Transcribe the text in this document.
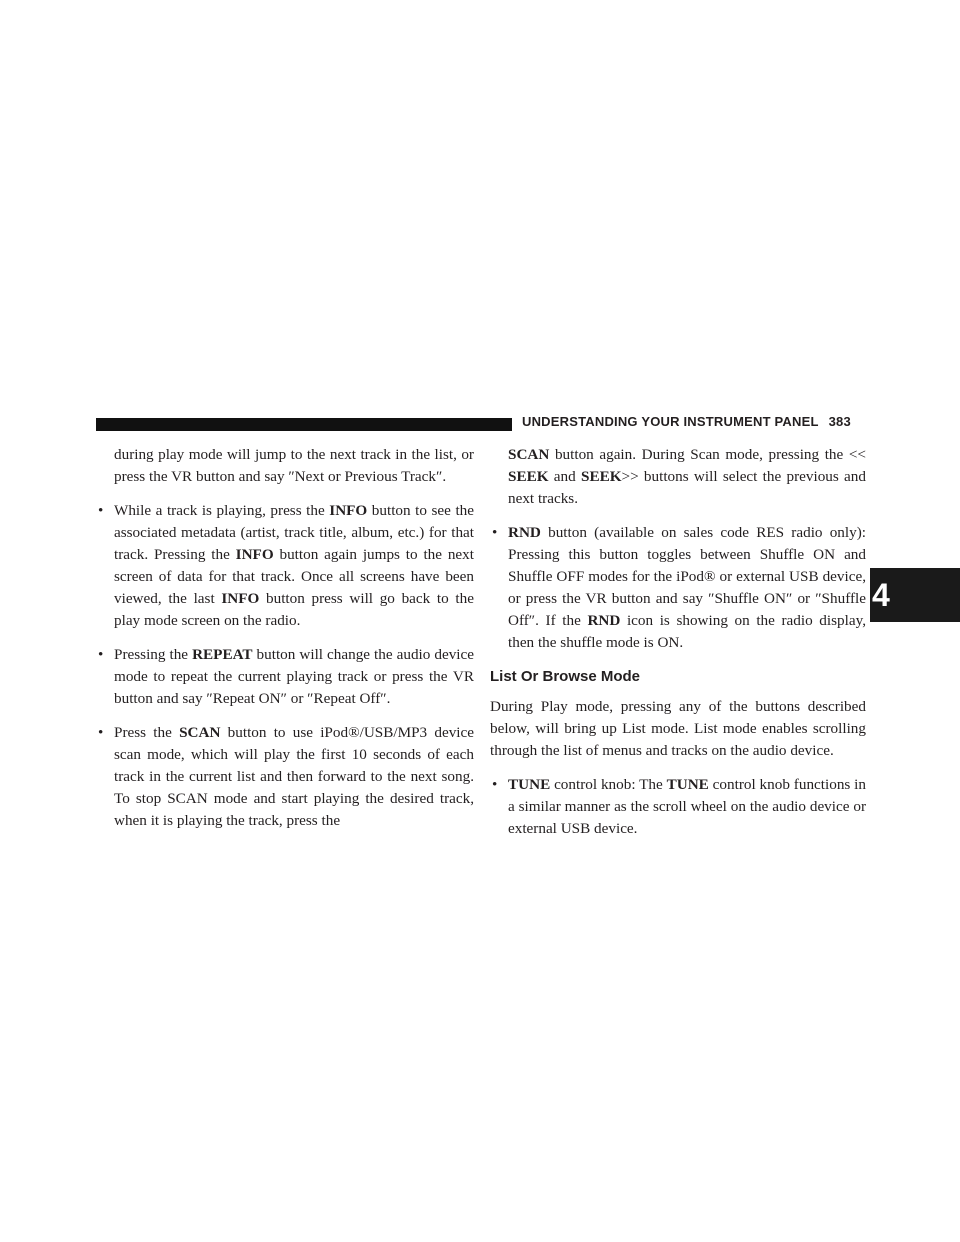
UNDERSTANDING YOUR INSTRUMENT PANEL 383
4

during play mode will jump to the next track in the list, or press the VR button and say ″Next or Previous Track″.

• While a track is playing, press the INFO button to see the associated metadata (artist, track title, album, etc.) for that track. Pressing the INFO button again jumps to the next screen of data for that track. Once all screens have been viewed, the last INFO button press will go back to the play mode screen on the radio.
• Pressing the REPEAT button will change the audio device mode to repeat the current playing track or press the VR button and say ″Repeat ON″ or ″Repeat Off″.
• Press the SCAN button to use iPod®/USB/MP3 device scan mode, which will play the first 10 seconds of each track in the current list and then forward to the next song. To stop SCAN mode and start playing the desired track, when it is playing the track, press the

SCAN button again. During Scan mode, pressing the << SEEK and SEEK>> buttons will select the previous and next tracks.

• RND button (available on sales code RES radio only): Pressing this button toggles between Shuffle ON and Shuffle OFF modes for the iPod® or external USB device, or press the VR button and say ″Shuffle ON″ or ″Shuffle Off″. If the RND icon is showing on the radio display, then the shuffle mode is ON.
List Or Browse Mode

During Play mode, pressing any of the buttons described below, will bring up List mode. List mode enables scrolling through the list of menus and tracks on the audio device.

• TUNE control knob: The TUNE control knob functions in a similar manner as the scroll wheel on the audio device or external USB device.
